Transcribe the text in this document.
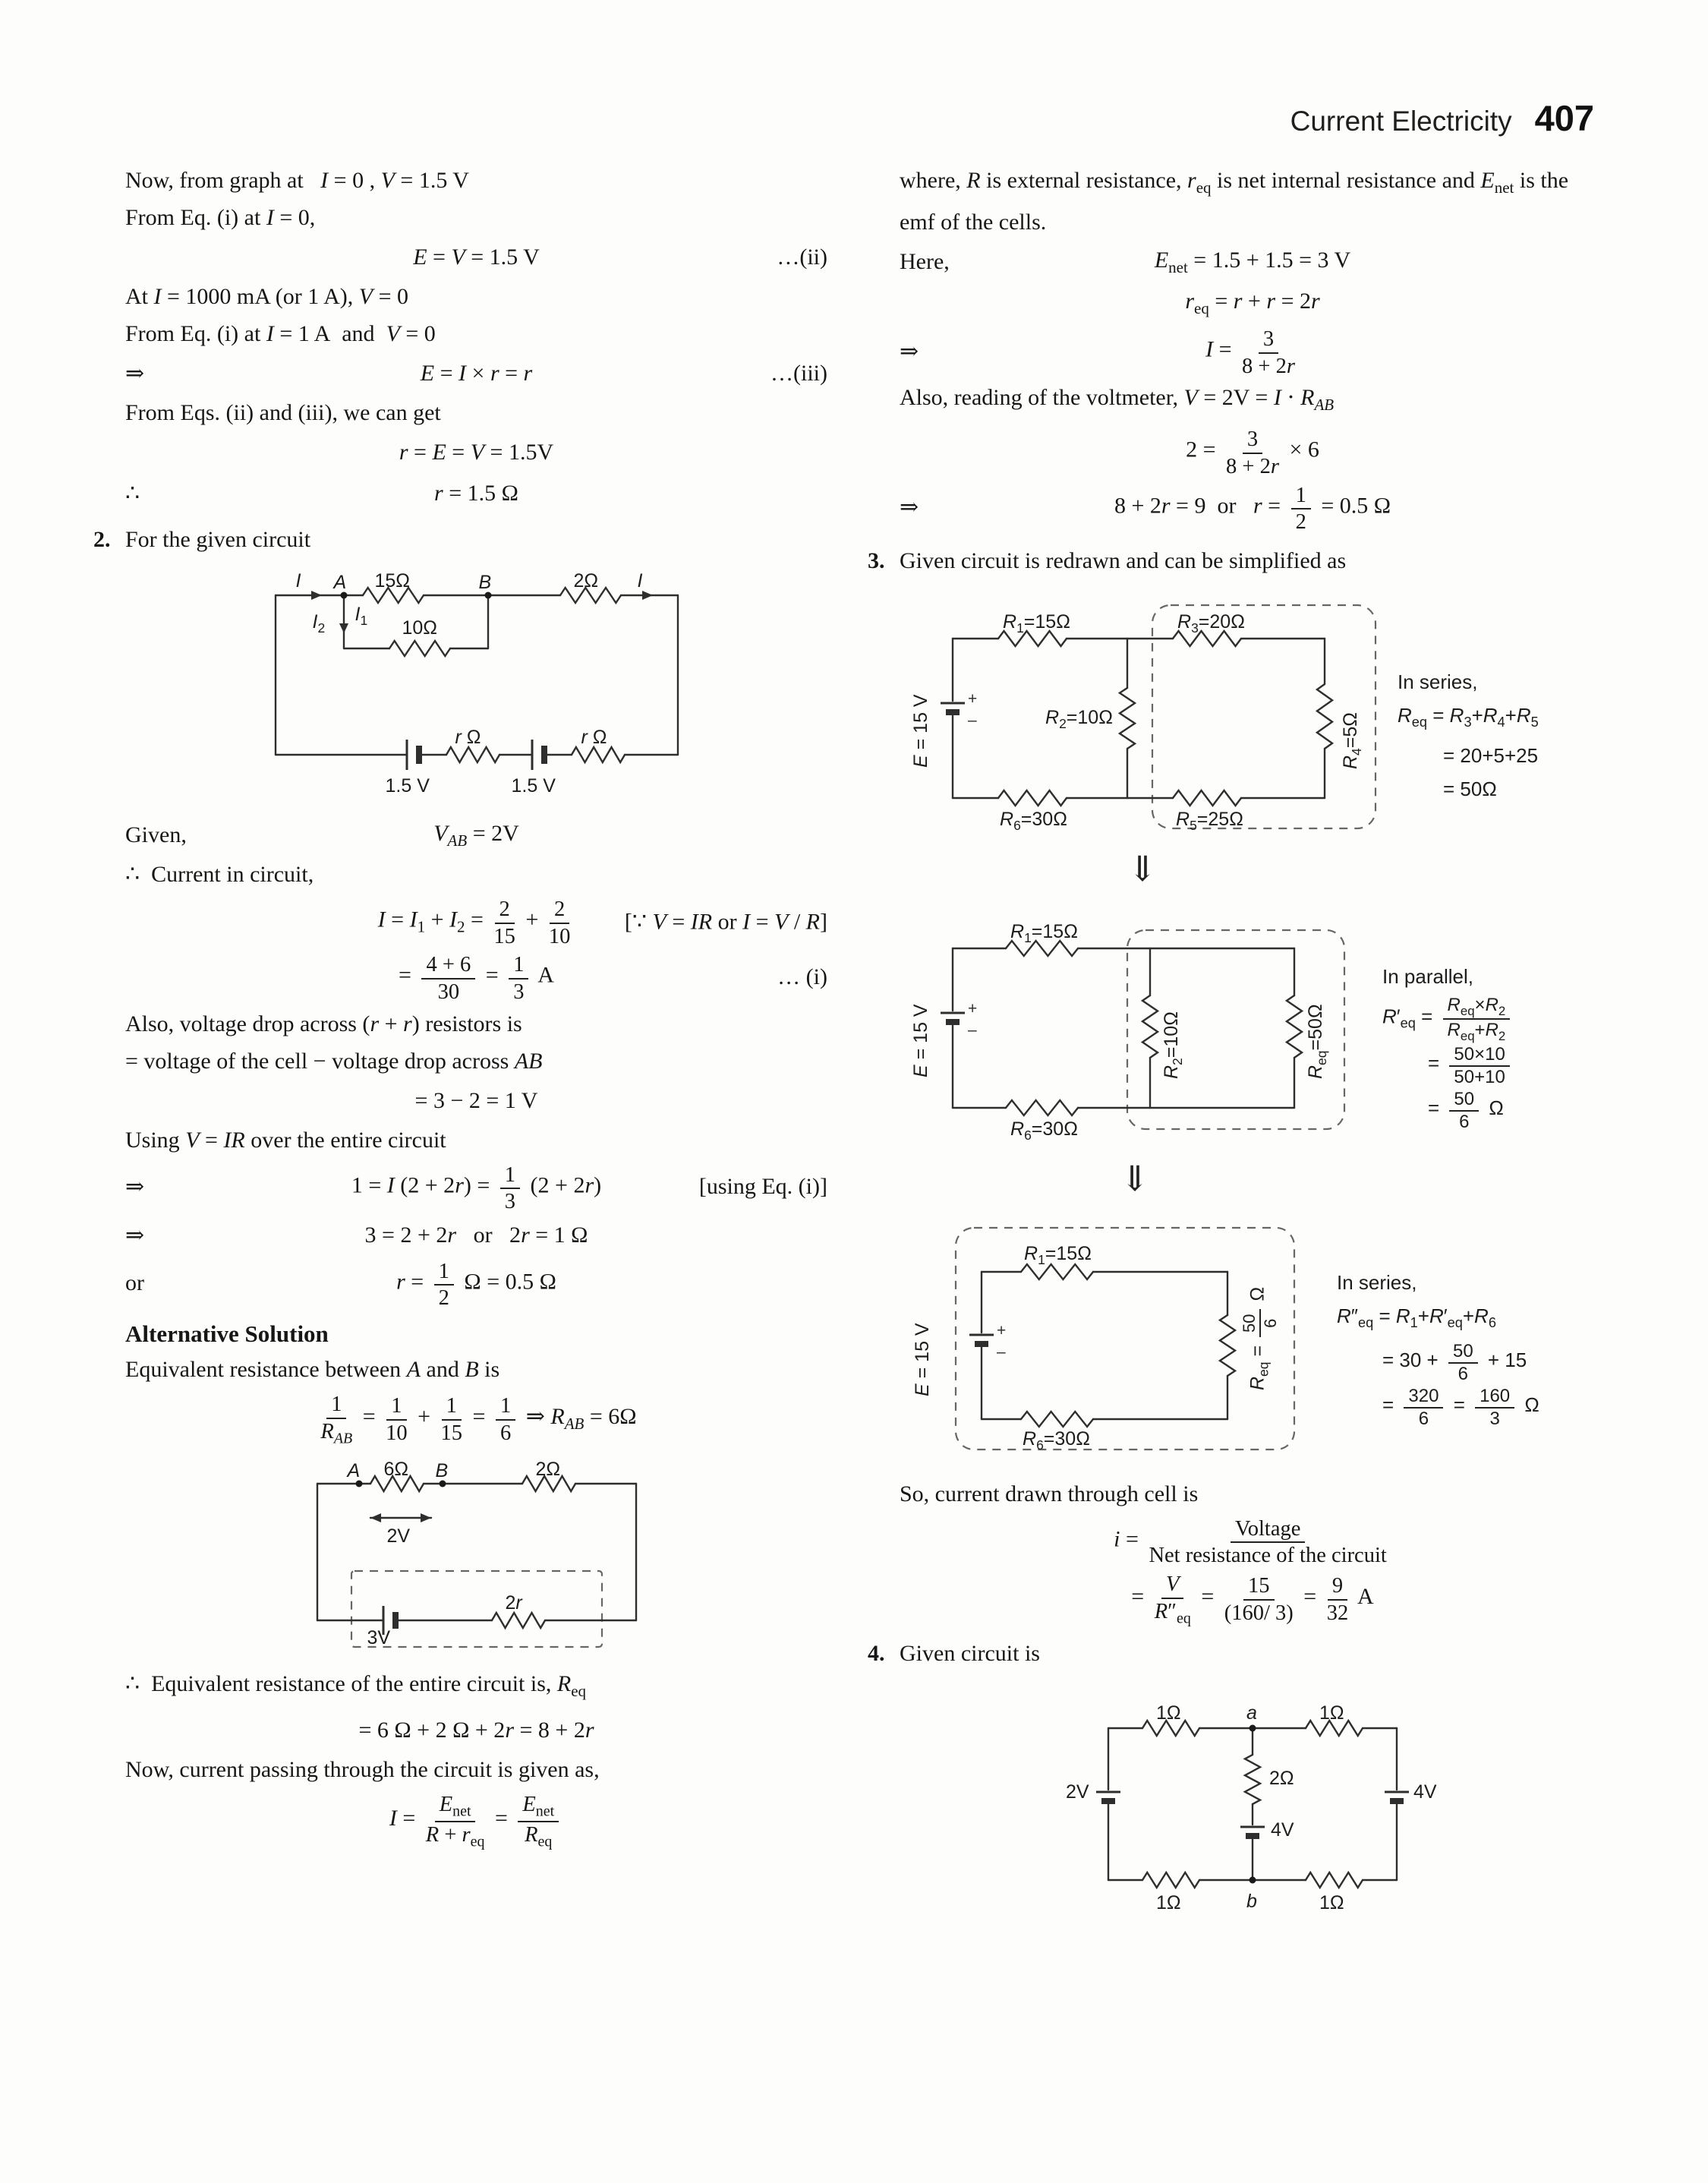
Current Electricity 407

Now, from graph at   I = 0 , V = 1.5 V

From Eq. (i) at I = 0,

E = V = 1.5 V	…(ii)

At I = 1000 mA (or 1 A), V = 0

From Eq. (i) at I = 1 A  and  V = 0

⇒	E = I × r = r	…(iii)

From Eqs. (ii) and (iii), we can get

r = E = V = 1.5V
∴	r = 1.5 Ω
2. For the given circuit
I A 15Ω	B	2Ω I
$I_2$
$I_1$ 10Ω
r Ω	r Ω
1.5 V	1.5 V
Given,	$V_{AB} = 2V$

∴  Current in circuit,

$I = I_1 + I_2 = \frac{2}{15} + \frac{2}{10}$ [∵ V = IR or I = V / R]
= $\frac{4 + 6}{30} = \frac{1}{3}$ A	… (i)

Also, voltage drop across (r + r) resistors is

= voltage of the cell − voltage drop across AB

= 3 − 2 = 1 V

Using V = IR over the entire circuit

⇒	1 = I $(2 + 2r) = \frac{1}{3} (2 + 2r)$	[using Eq. (i)]
⇒	3 = 2 + 2r   or   2r = 1 Ω
or	$r = \frac{1}{2}$ Ω = 0.5 Ω
Alternative Solution

Equivalent resistance between A and B is

1
$R_{AB}$
= $\frac{1}{10} + \frac{1}{15} = \frac{1}{6}$ ⇒ $R_{AB} = 6\Omega$
A 6Ω B	2Ω
2V
3V
2r

∴  Equivalent resistance of the entire circuit is, $R_{eq}$

= 6 Ω + 2 Ω + 2r = 8 + 2r

Now, current passing through the circuit is given as,

I =
$E_{net}$
$R + r_{eq}$
=
$E_{net}$
$R_{eq}$

where, R is external resistance, $r_{eq}$ is net internal resistance and $E_{net}$ is the emf of the cells.

Here,	$E_{net} = 1.5 + 1.5 = 3$ V
$r_{eq} = r + r = 2r$
⇒	$I = \frac{3}{8 + 2r}$

Also, reading of the voltmeter, $V = 2V = I \cdot R_{AB}$

$2 = \frac{3}{8 + 2r} \times 6$
⇒	8 + 2r = 9  or   $r = \frac{1}{2} = 0.5$ Ω
3. Given circuit is redrawn and can be simplified as
E = 15 V +
–
$R_1=15\Omega$	$R_3=20\Omega$
$R_2=10\Omega$
$R_4=5\Omega$
$R_6=30\Omega$	$R_5=25\Omega$
In series,
$R_{eq} = R_3+R_4+R_5$
= 20+5+25
= 50Ω
⇓
E = 15 V +
–
$R_1=15\Omega$
$R_2=10\Omega$
$R_{eq}=50\Omega$
$R_6=30\Omega$
In parallel,
$R'_{eq} = R_{eq}\times R_2$
$R_{eq}+R_2$
= $\frac{50\times 10}{50+10}$
= $\frac{50}{6}$ Ω
⇓
E = 15 V	+
–
$R_1=15\Omega$
$R_{eq}$ =
50 6
Ω
$R_6=30\Omega$
In series,
$R''_{eq} = R_1+R'_{eq}+R_6$
= $30 + \frac{50}{6} + 15$
= $\frac{320}{6} = \frac{160}{3}$ Ω

So, current drawn through cell is

i =	Voltage
Net resistance of the circuit
= $\frac{V}{R''_{eq}} = \frac{15}{(160/ 3)} = \frac{9}{32}$ A
4. Given circuit is
1Ω	a	1Ω
2V
2Ω
4V
4V
1Ω	b	1Ω
